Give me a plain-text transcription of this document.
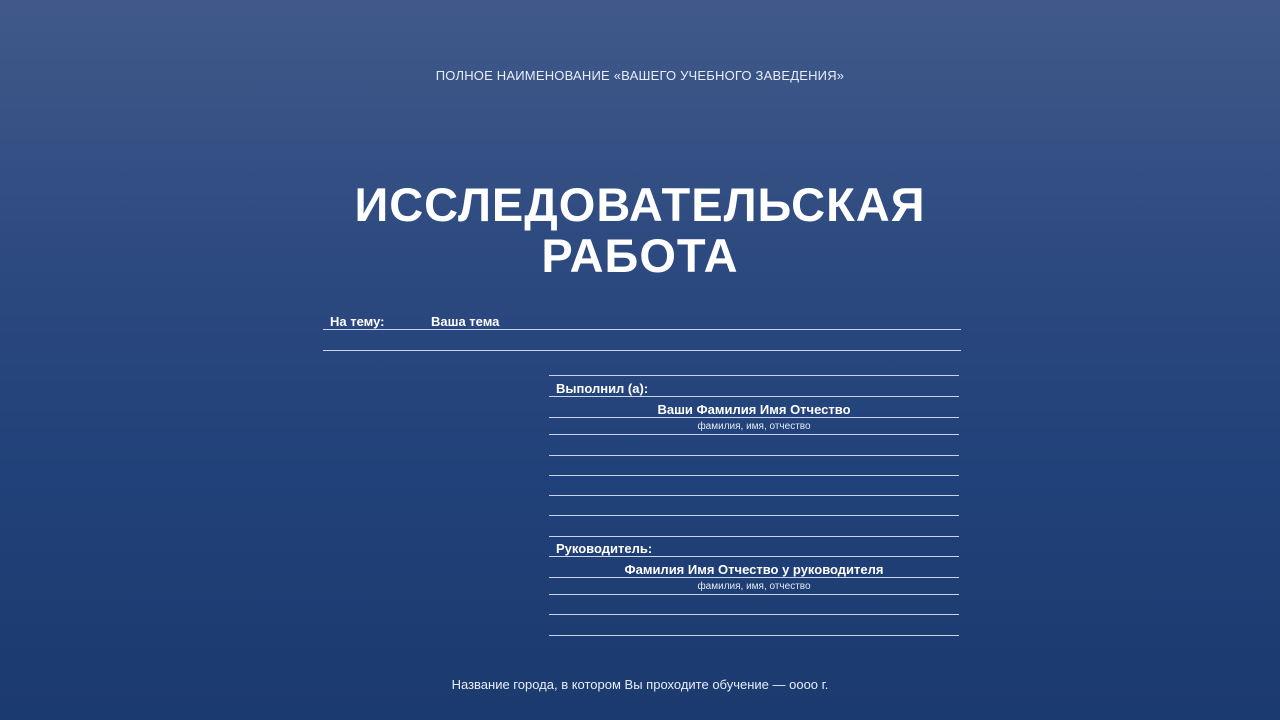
ПОЛНОЕ НАИМЕНОВАНИЕ «ВАШЕГО УЧЕБНОГО ЗАВЕДЕНИЯ»
ИССЛЕДОВАТЕЛЬСКАЯ
РАБОТА
На тему:	Ваша тема
Выполнил (а):
Ваши Фамилия Имя Отчество
фамилия, имя, отчество
Руководитель:
Фамилия Имя Отчество у руководителя
фамилия, имя, отчество
Название города, в котором Вы проходите обучение — oooo г.
